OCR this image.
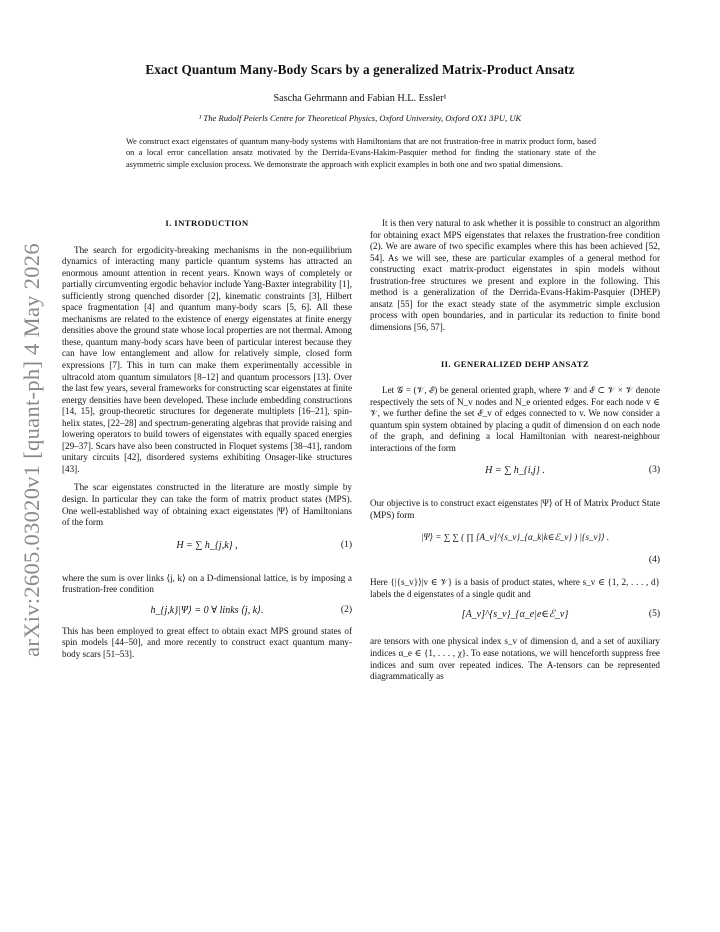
arXiv:2605.03020v1 [quant-ph] 4 May 2026
Exact Quantum Many-Body Scars by a generalized Matrix-Product Ansatz
Sascha Gehrmann and Fabian H.L. Essler¹
¹ The Rudolf Peierls Centre for Theoretical Physics, Oxford University, Oxford OX1 3PU, UK
We construct exact eigenstates of quantum many-body systems with Hamiltonians that are not frustration-free in matrix product form, based on a local error cancellation ansatz motivated by the Derrida-Evans-Hakim-Pasquier method for finding the stationary state of the asymmetric simple exclusion process. We demonstrate the approach with explicit examples in both one and two spatial dimensions.
I. INTRODUCTION

The search for ergodicity-breaking mechanisms in the non-equilibrium dynamics of interacting many particle quantum systems has attracted an enormous amount attention in recent years. Known ways of completely or partially circumventing ergodic behavior include Yang-Baxter integrability [1], sufficiently strong quenched disorder [2], kinematic constraints [3], Hilbert space fragmentation [4] and quantum many-body scars [5, 6]. All these mechanisms are related to the existence of energy eigenstates at finite energy densities above the ground state whose local properties are not thermal. Among these, quantum many-body scars have been of particular interest because they can have low entanglement and allow for relatively simple, closed form expressions [7]. This in turn can make them experimentally accessible in ultracold atom quantum simulators [8–12] and quantum processors [13]. Over the last few years, several frameworks for constructing scar eigenstates at finite energy densities have been developed. These include embedding constructions [14, 15], group-theoretic structures for degenerate multiplets [16–21], spin-helix states, [22–28] and spectrum-generating algebras that provide raising and lowering operators to build towers of eigenstates with equally spaced energies [29–37]. Scars have also been constructed in Floquet systems [38–41], random unitary circuits [42], disordered systems exhibiting Onsager-like structures [43].

The scar eigenstates constructed in the literature are mostly simple by design. In particular they can take the form of matrix product states (MPS). One well-established way of obtaining exact eigenstates |Ψ⟩ of Hamiltonians of the form

H = ∑ h_{j,k} ,	(1)

where the sum is over links ⟨j, k⟩ on a D-dimensional lattice, is by imposing a frustration-free condition

h_{j,k}|Ψ⟩ = 0 ∀ links ⟨j, k⟩.	(2)

This has been employed to great effect to obtain exact MPS ground states of spin models [44–50], and more recently to construct exact quantum many-body scars [51–53].

It is then very natural to ask whether it is possible to construct an algorithm for obtaining exact MPS eigenstates that relaxes the frustration-free condition (2). We are aware of two specific examples where this has been achieved [52, 54]. As we will see, these are particular examples of a general method for constructing exact matrix-product eigenstates in spin models without frustration-free structures we present and explore in the following. This method is a generalization of the Derrida-Evans-Hakim-Pasquier (DHEP) ansatz [55] for the exact steady state of the asymmetric simple exclusion process with open boundaries, and in particular its reduction to finite bond dimensions [56, 57].

II. GENERALIZED DEHP ANSATZ

Let 𝒢 = (𝒱, ℰ) be general oriented graph, where 𝒱 and ℰ ⊂ 𝒱 × 𝒱 denote respectively the sets of N_v nodes and N_e oriented edges. For each node v ∈ 𝒱, we further define the set ℰ_v of edges connected to v. We now consider a quantum spin system obtained by placing a qudit of dimension d on each node of the graph, and defining a local Hamiltonian with nearest-neighbour interactions of the form

H = ∑ h_{i,j} .	(3)

Our objective is to construct exact eigenstates |Ψ⟩ of H of Matrix Product State (MPS) form

|Ψ⟩ = ∑ ∑ ( ∏ [A_v]^{s_v}_{α_k|k∈ℰ_v} ) |{s_v}⟩ .
(4)

Here {|{s_v}⟩|v ∈ 𝒱} is a basis of product states, where s_v ∈ {1, 2, . . . , d} labels the d eigenstates of a single qudit and

[A_v]^{s_v}_{α_e|e∈ℰ_v}	(5)

are tensors with one physical index s_v of dimension d, and a set of auxiliary indices α_e ∈ {1, . . . , χ}. To ease notations, we will henceforth suppress free indices and sum over repeated indices. The A-tensors can be represented diagrammatically as
